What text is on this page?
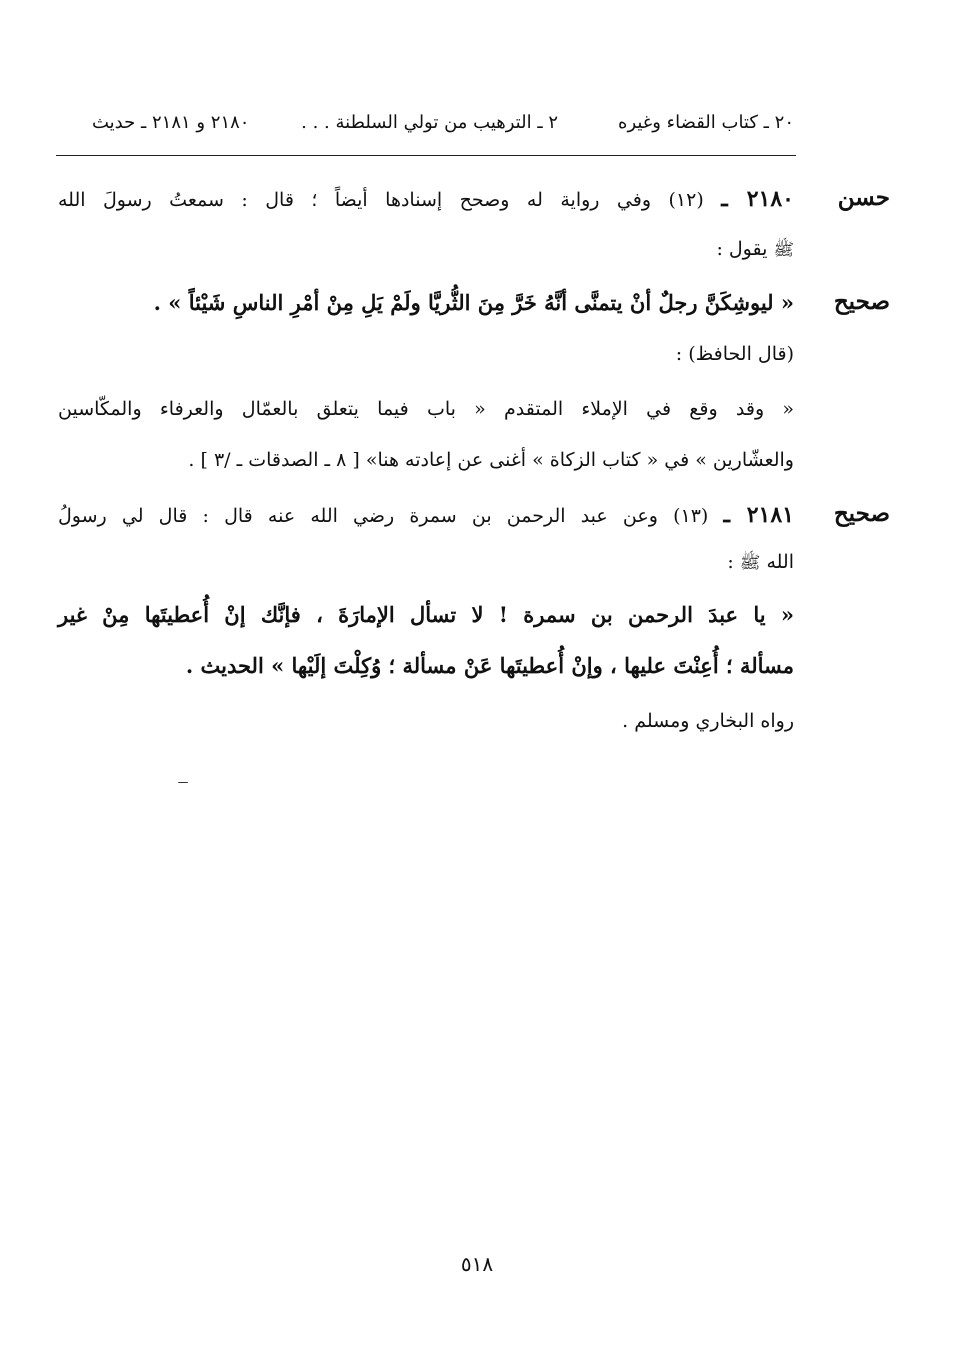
٢٠ ـ كتاب القضاء وغيره
٢ ـ الترهيب من تولي السلطنة . . .
٢١٨٠ و ٢١٨١ ـ حديث
حسن
٢١٨٠ ـ (١٢) وفي رواية له وصحح إسنادها أيضاً ؛ قال : سمعتُ رسولَ الله
ﷺ يقول :
صحيح
« ليوشِكَنَّ رجلٌ أنْ يتمنَّى أنَّهُ خَرَّ مِنَ الثُّريَّا ولَمْ يَلِ مِنْ أمْرِ الناسِ شَيْئاً » .
(قال الحافظ) :
« وقد وقع في الإملاء المتقدم « باب فيما يتعلق بالعمّال والعرفاء والمكّاسين
والعشّارين » في « كتاب الزكاة » أغنى عن إعادته هنا» [ ٨ ـ الصدقات ـ /٣ ] .
صحيح
٢١٨١ ـ (١٣) وعن عبد الرحمن بن سمرة رضي الله عنه قال : قال لي رسولُ
الله ﷺ :
« يا عبدَ الرحمن بن سمرة ! لا تسأل الإمارَةَ ، فإنَّك إنْ أُعطيتَها مِنْ غير
مسألة ؛ أُعِنْتَ عليها ، وإنْ أُعطيتَها عَنْ مسألة ؛ وُكِلْتَ إلَيْها » الحديث .
رواه البخاري ومسلم .
٥١٨
